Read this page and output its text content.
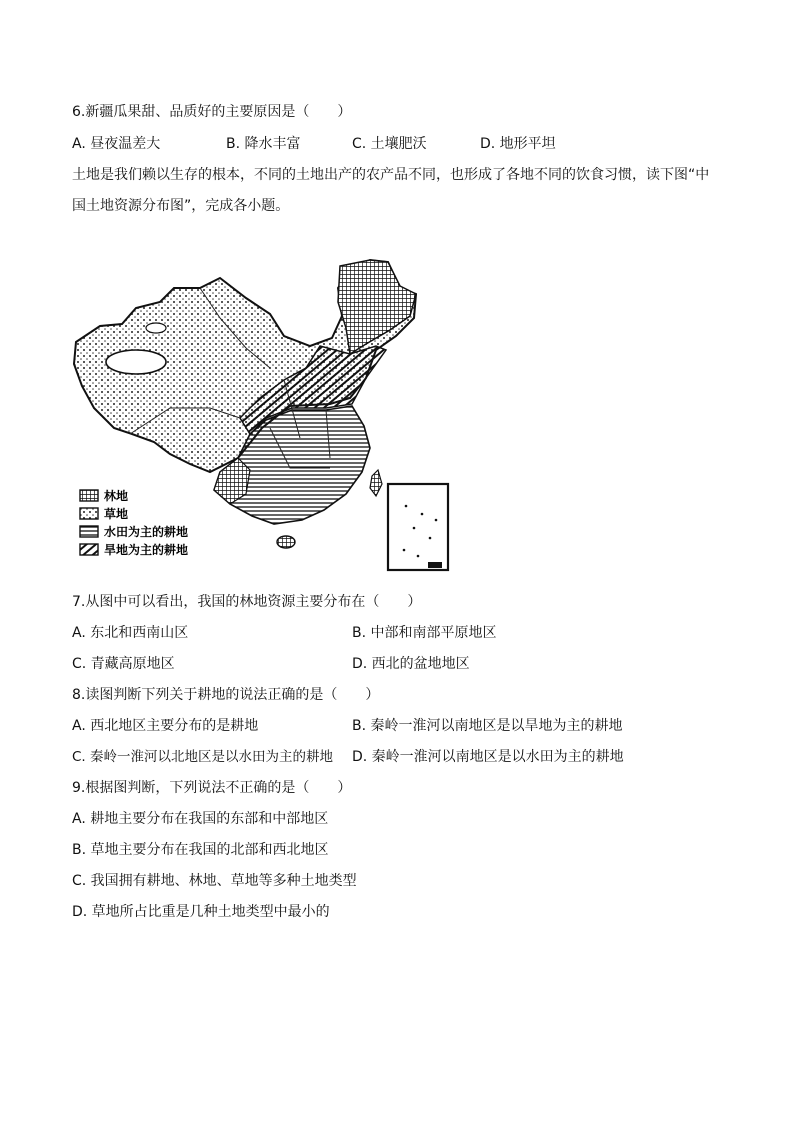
6.新疆瓜果甜、品质好的主要原因是（　　）
A. 昼夜温差大	B. 降水丰富	C. 土壤肥沃	D. 地形平坦
土地是我们赖以生存的根本，不同的土地出产的农产品不同，也形成了各地不同的饮食习惯，读下图“中
国土地资源分布图”，完成各小题。
林地
草地
水田为主的耕地
旱地为主的耕地
7.从图中可以看出，我国的林地资源主要分布在（　　）
A. 东北和西南山区	B. 中部和南部平原地区
C. 青藏高原地区	D. 西北的盆地地区
8.读图判断下列关于耕地的说法正确的是（　　）
A. 西北地区主要分布的是耕地	B. 秦岭一淮河以南地区是以旱地为主的耕地
C. 秦岭一淮河以北地区是以水田为主的耕地 D. 秦岭一淮河以南地区是以水田为主的耕地
9.根据图判断，下列说法不正确的是（　　）
A. 耕地主要分布在我国的东部和中部地区
B. 草地主要分布在我国的北部和西北地区
C. 我国拥有耕地、林地、草地等多种土地类型
D. 草地所占比重是几种土地类型中最小的
